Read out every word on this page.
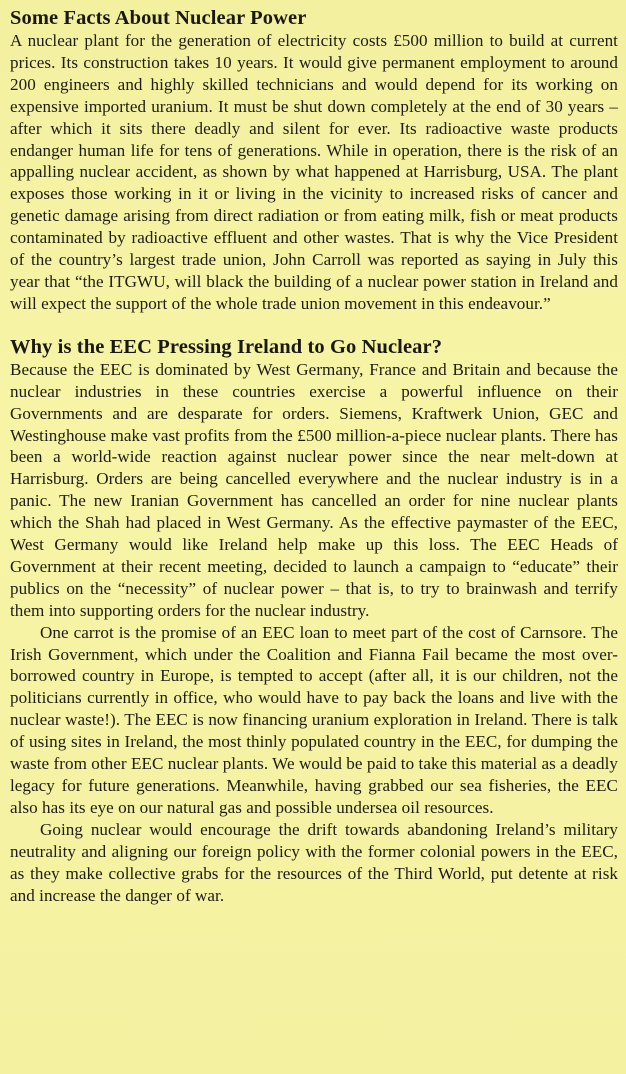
Some Facts About Nuclear Power

A nuclear plant for the generation of electricity costs £500 million to build at current prices. Its construction takes 10 years. It would give permanent employment to around 200 engineers and highly skilled technicians and would depend for its working on expensive imported uranium. It must be shut down completely at the end of 30 years – after which it sits there deadly and silent for ever. Its radioactive waste products endanger human life for tens of generations. While in operation, there is the risk of an appalling nuclear accident, as shown by what happened at Harrisburg, USA. The plant exposes those working in it or living in the vicinity to increased risks of cancer and genetic damage arising from direct radiation or from eating milk, fish or meat products contaminated by radioactive effluent and other wastes. That is why the Vice President of the country’s largest trade union, John Carroll was reported as saying in July this year that “the ITGWU, will black the building of a nuclear power station in Ireland and will expect the support of the whole trade union movement in this endeavour.”

Why is the EEC Pressing Ireland to Go Nuclear?

Because the EEC is dominated by West Germany, France and Britain and because the nuclear industries in these countries exercise a powerful influence on their Governments and are desparate for orders. Siemens, Kraftwerk Union, GEC and Westinghouse make vast profits from the £500 million-a-piece nuclear plants. There has been a world-wide reaction against nuclear power since the near melt-down at Harrisburg. Orders are being cancelled everywhere and the nuclear industry is in a panic. The new Iranian Government has cancelled an order for nine nuclear plants which the Shah had placed in West Germany. As the effective paymaster of the EEC, West Germany would like Ireland help make up this loss. The EEC Heads of Government at their recent meeting, decided to launch a campaign to “educate” their publics on the “necessity” of nuclear power – that is, to try to brainwash and terrify them into supporting orders for the nuclear industry.

One carrot is the promise of an EEC loan to meet part of the cost of Carnsore. The Irish Government, which under the Coalition and Fianna Fail became the most over-borrowed country in Europe, is tempted to accept (after all, it is our children, not the politicians currently in office, who would have to pay back the loans and live with the nuclear waste!). The EEC is now financing uranium exploration in Ireland. There is talk of using sites in Ireland, the most thinly populated country in the EEC, for dumping the waste from other EEC nuclear plants. We would be paid to take this material as a deadly legacy for future generations. Meanwhile, having grabbed our sea fisheries, the EEC also has its eye on our natural gas and possible undersea oil resources.

Going nuclear would encourage the drift towards abandoning Ireland’s military neutrality and aligning our foreign policy with the former colonial powers in the EEC, as they make collective grabs for the resources of the Third World, put detente at risk and increase the danger of war.
